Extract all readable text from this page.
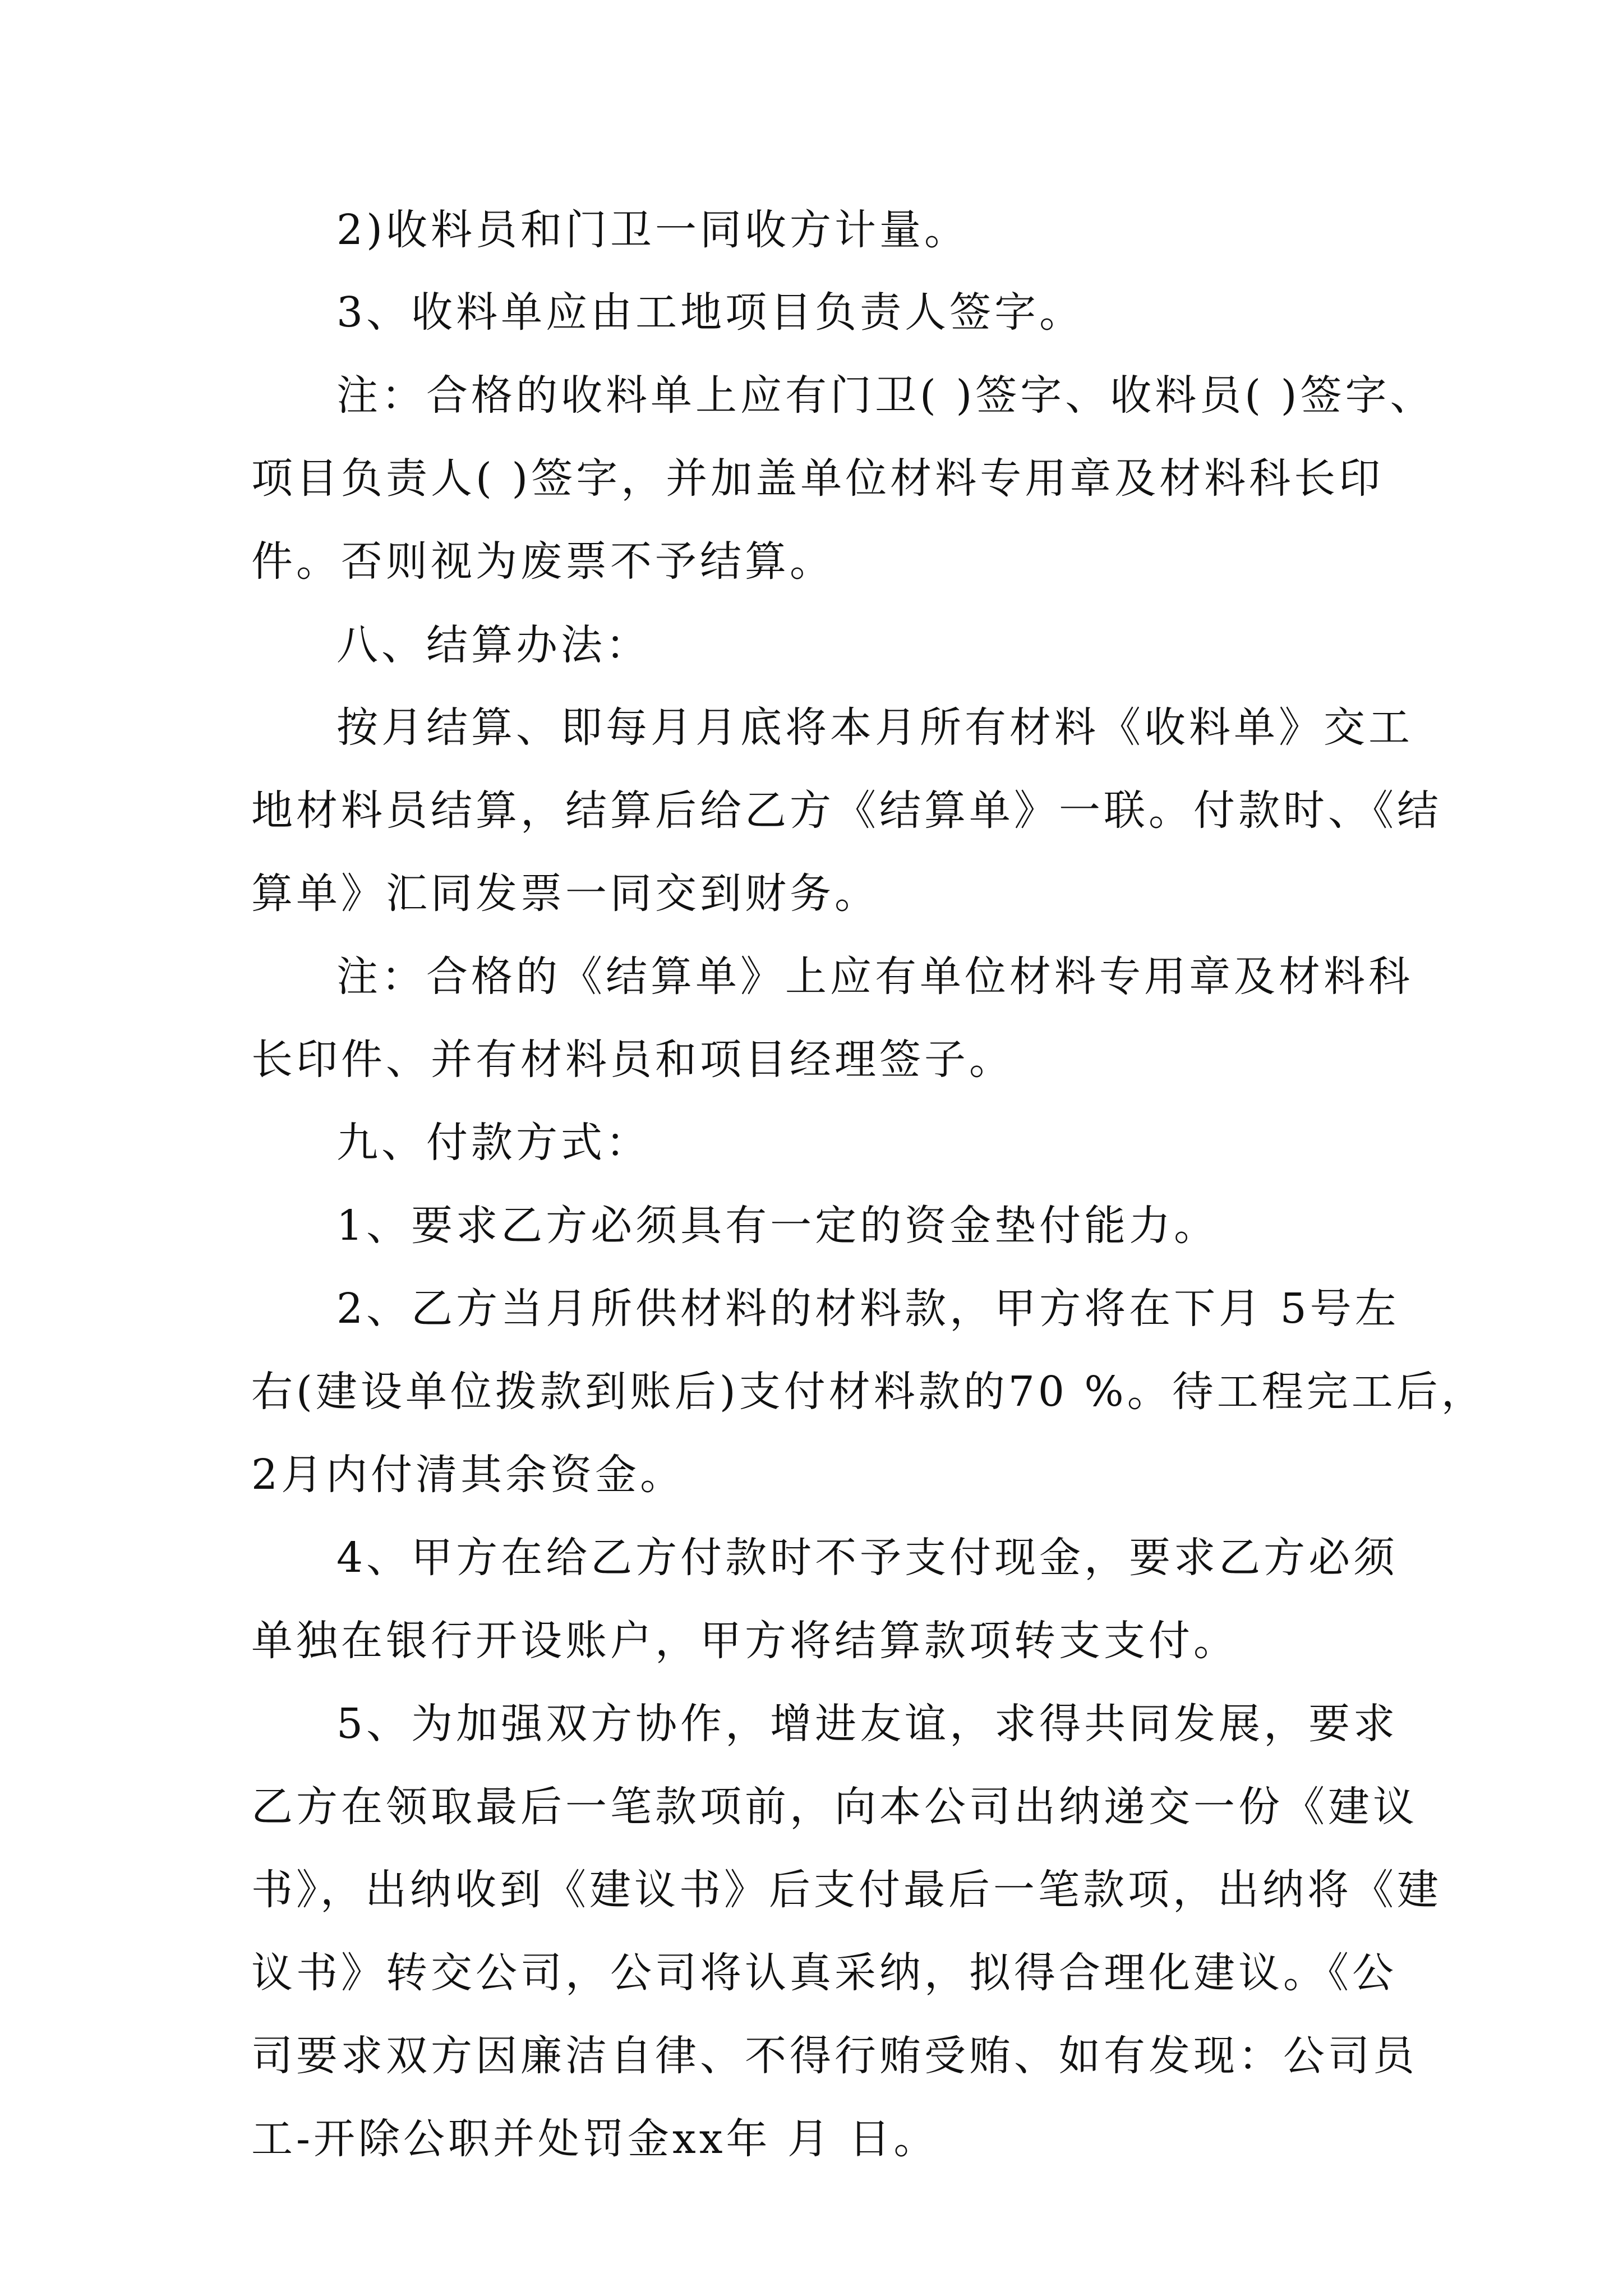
2)收料员和门卫一同收方计量。

3、收料单应由工地项目负责人签字。

注：合格的收料单上应有门卫( )签字、收料员( )签字、

项目负责人( )签字，并加盖单位材料专用章及材料科长印

件。否则视为废票不予结算。

八、结算办法：

按月结算、即每月月底将本月所有材料《收料单》交工

地材料员结算，结算后给乙方《结算单》一联。付款时、《结

算单》汇同发票一同交到财务。

注：合格的《结算单》上应有单位材料专用章及材料科

长印件、并有材料员和项目经理签子。

九、付款方式：

1、要求乙方必须具有一定的资金垫付能力。

2、乙方当月所供材料的材料款，甲方将在下月 5号左

右(建设单位拨款到账后)支付材料款的70 %。待工程完工后，

2月内付清其余资金。

4、甲方在给乙方付款时不予支付现金，要求乙方必须

单独在银行开设账户，甲方将结算款项转支支付。

5、为加强双方协作，增进友谊，求得共同发展，要求

乙方在领取最后一笔款项前，向本公司出纳递交一份《建议

书》，出纳收到《建议书》后支付最后一笔款项，出纳将《建

议书》转交公司，公司将认真采纳，拟得合理化建议。《公

司要求双方因廉洁自律、不得行贿受贿、如有发现：公司员

工-开除公职并处罚金xx年 月 日。
